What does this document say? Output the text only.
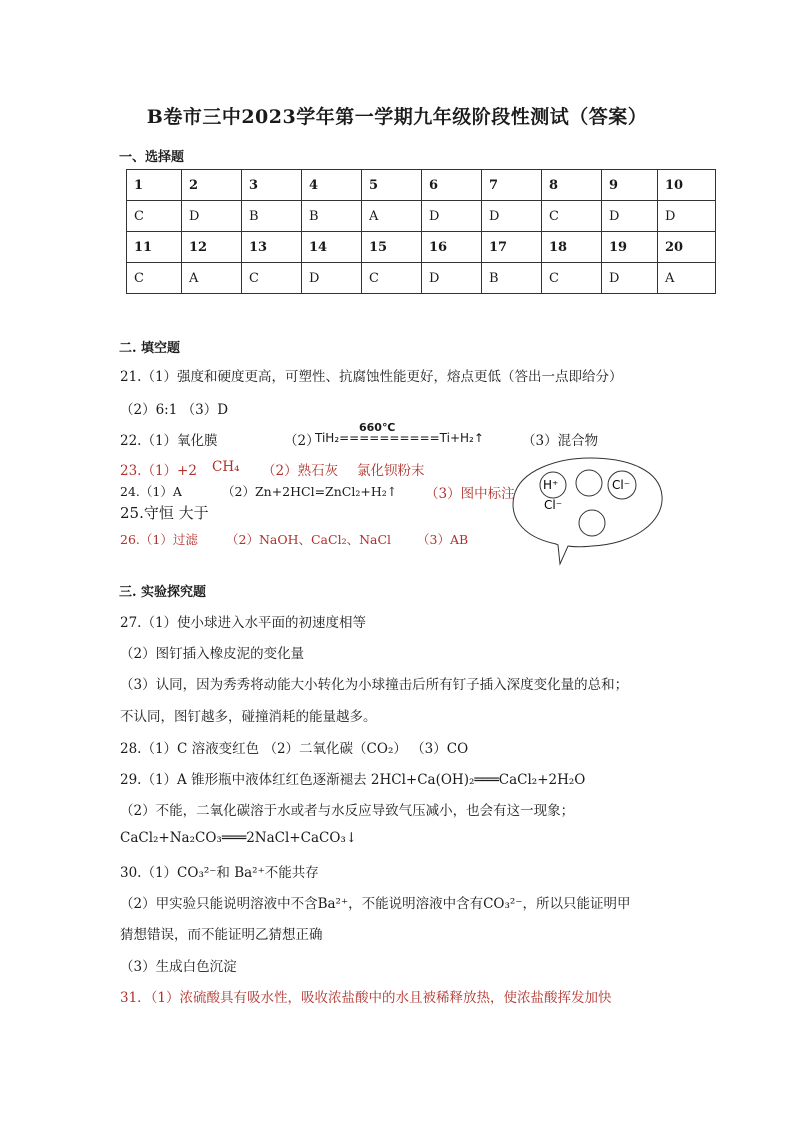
B卷市三中2023学年第一学期九年级阶段性测试（答案）
一、选择题
1	2	3	4	5	6	7	8	9	10
C	D	B	B	A	D	D	C	D	D
11	12	13	14	15	16	17	18	19	20
C	A	C	D	C	D	B	C	D	A
二. 填空题
21.（1）强度和硬度更高，可塑性、抗腐蚀性能更好，熔点更低（答出一点即给分）
（2）6:1 （3）D
22.（1）氧化膜	（2）
660℃
TiH₂==========Ti+H₂↑	（3）混合物
23.（1）+2 CH₄ （2）熟石灰 氯化钡粉末
24.（1）A	（2）Zn+2HCl=ZnCl₂+H₂↑ （3）图中标注
25.守恒 大于
26.（1）过滤 （2）NaOH、CaCl₂、NaCl （3）AB
H⁺	Cl⁻
Cl⁻
三. 实验探究题
27.（1）使小球进入水平面的初速度相等
（2）图钉插入橡皮泥的变化量
（3）认同，因为秀秀将动能大小转化为小球撞击后所有钉子插入深度变化量的总和；
不认同，图钉越多，碰撞消耗的能量越多。
28.（1）C 溶液变红色 （2）二氧化碳（CO₂） （3）CO
29.（1）A 锥形瓶中液体红红色逐渐褪去 2HCl+Ca(OH)₂═══CaCl₂+2H₂O
（2）不能，二氧化碳溶于水或者与水反应导致气压减小，也会有这一现象；
CaCl₂+Na₂CO₃═══2NaCl+CaCO₃↓
30.（1）CO₃²⁻和 Ba²⁺不能共存
（2）甲实验只能说明溶液中不含Ba²⁺，不能说明溶液中含有CO₃²⁻，所以只能证明甲
猜想错误，而不能证明乙猜想正确
（3）生成白色沉淀
31．（1）浓硫酸具有吸水性，吸收浓盐酸中的水且被稀释放热，使浓盐酸挥发加快
